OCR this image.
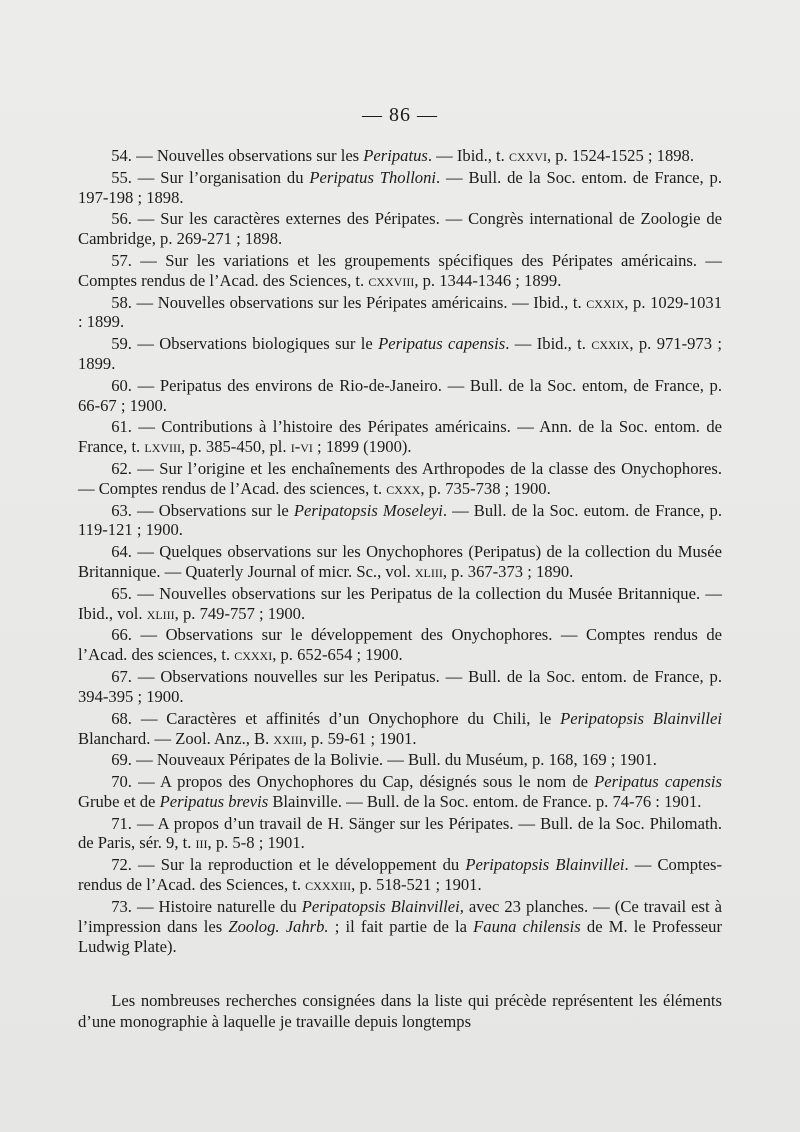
— 86 —

54. — Nouvelles observations sur les Peripatus. — Ibid., t. cxxvi, p. 1524-1525 ; 1898.

55. — Sur l’organisation du Peripatus Tholloni. — Bull. de la Soc. entom. de France, p. 197-198 ; 1898.

56. — Sur les caractères externes des Péripates. — Congrès international de Zoologie de Cambridge, p. 269-271 ; 1898.

57. — Sur les variations et les groupements spécifiques des Péripates américains. — Comptes rendus de l’Acad. des Sciences, t. cxxviii, p. 1344-1346 ; 1899.

58. — Nouvelles observations sur les Péripates américains. — Ibid., t. cxxix, p. 1029-1031 : 1899.

59. — Observations biologiques sur le Peripatus capensis. — Ibid., t. cxxix, p. 971-973 ; 1899.

60. — Peripatus des environs de Rio-de-Janeiro. — Bull. de la Soc. entom, de France, p. 66-67 ; 1900.

61. — Contributions à l’histoire des Péripates américains. — Ann. de la Soc. entom. de France, t. lxviii, p. 385-450, pl. i-vi ; 1899 (1900).

62. — Sur l’origine et les enchaînements des Arthropodes de la classe des Onychophores. — Comptes rendus de l’Acad. des sciences, t. cxxx, p. 735-738 ; 1900.

63. — Observations sur le Peripatopsis Moseleyi. — Bull. de la Soc. eutom. de France, p. 119-121 ; 1900.

64. — Quelques observations sur les Onychophores (Peripatus) de la collection du Musée Britannique. — Quaterly Journal of micr. Sc., vol. xliii, p. 367-373 ; 1890.

65. — Nouvelles observations sur les Peripatus de la collection du Musée Britannique. — Ibid., vol. xliii, p. 749-757 ; 1900.

66. — Observations sur le développement des Onychophores. — Comptes rendus de l’Acad. des sciences, t. cxxxi, p. 652-654 ; 1900.

67. — Observations nouvelles sur les Peripatus. — Bull. de la Soc. entom. de France, p. 394-395 ; 1900.

68. — Caractères et affinités d’un Onychophore du Chili, le Peripatopsis Blainvillei Blanchard. — Zool. Anz., B. xxiii, p. 59-61 ; 1901.

69. — Nouveaux Péripates de la Bolivie. — Bull. du Muséum, p. 168, 169 ; 1901.

70. — A propos des Onychophores du Cap, désignés sous le nom de Peripatus capensis Grube et de Peripatus brevis Blainville. — Bull. de la Soc. entom. de France. p. 74-76 : 1901.

71. — A propos d’un travail de H. Sänger sur les Péripates. — Bull. de la Soc. Philomath. de Paris, sér. 9, t. iii, p. 5-8 ; 1901.

72. — Sur la reproduction et le développement du Peripatopsis Blainvillei. — Comptes-rendus de l’Acad. des Sciences, t. cxxxiii, p. 518-521 ; 1901.

73. — Histoire naturelle du Peripatopsis Blainvillei, avec 23 planches. — (Ce travail est à l’impression dans les Zoolog. Jahrb. ; il fait partie de la Fauna chilensis de M. le Professeur Ludwig Plate).

Les nombreuses recherches consignées dans la liste qui précède représentent les éléments d’une monographie à laquelle je travaille depuis longtemps
